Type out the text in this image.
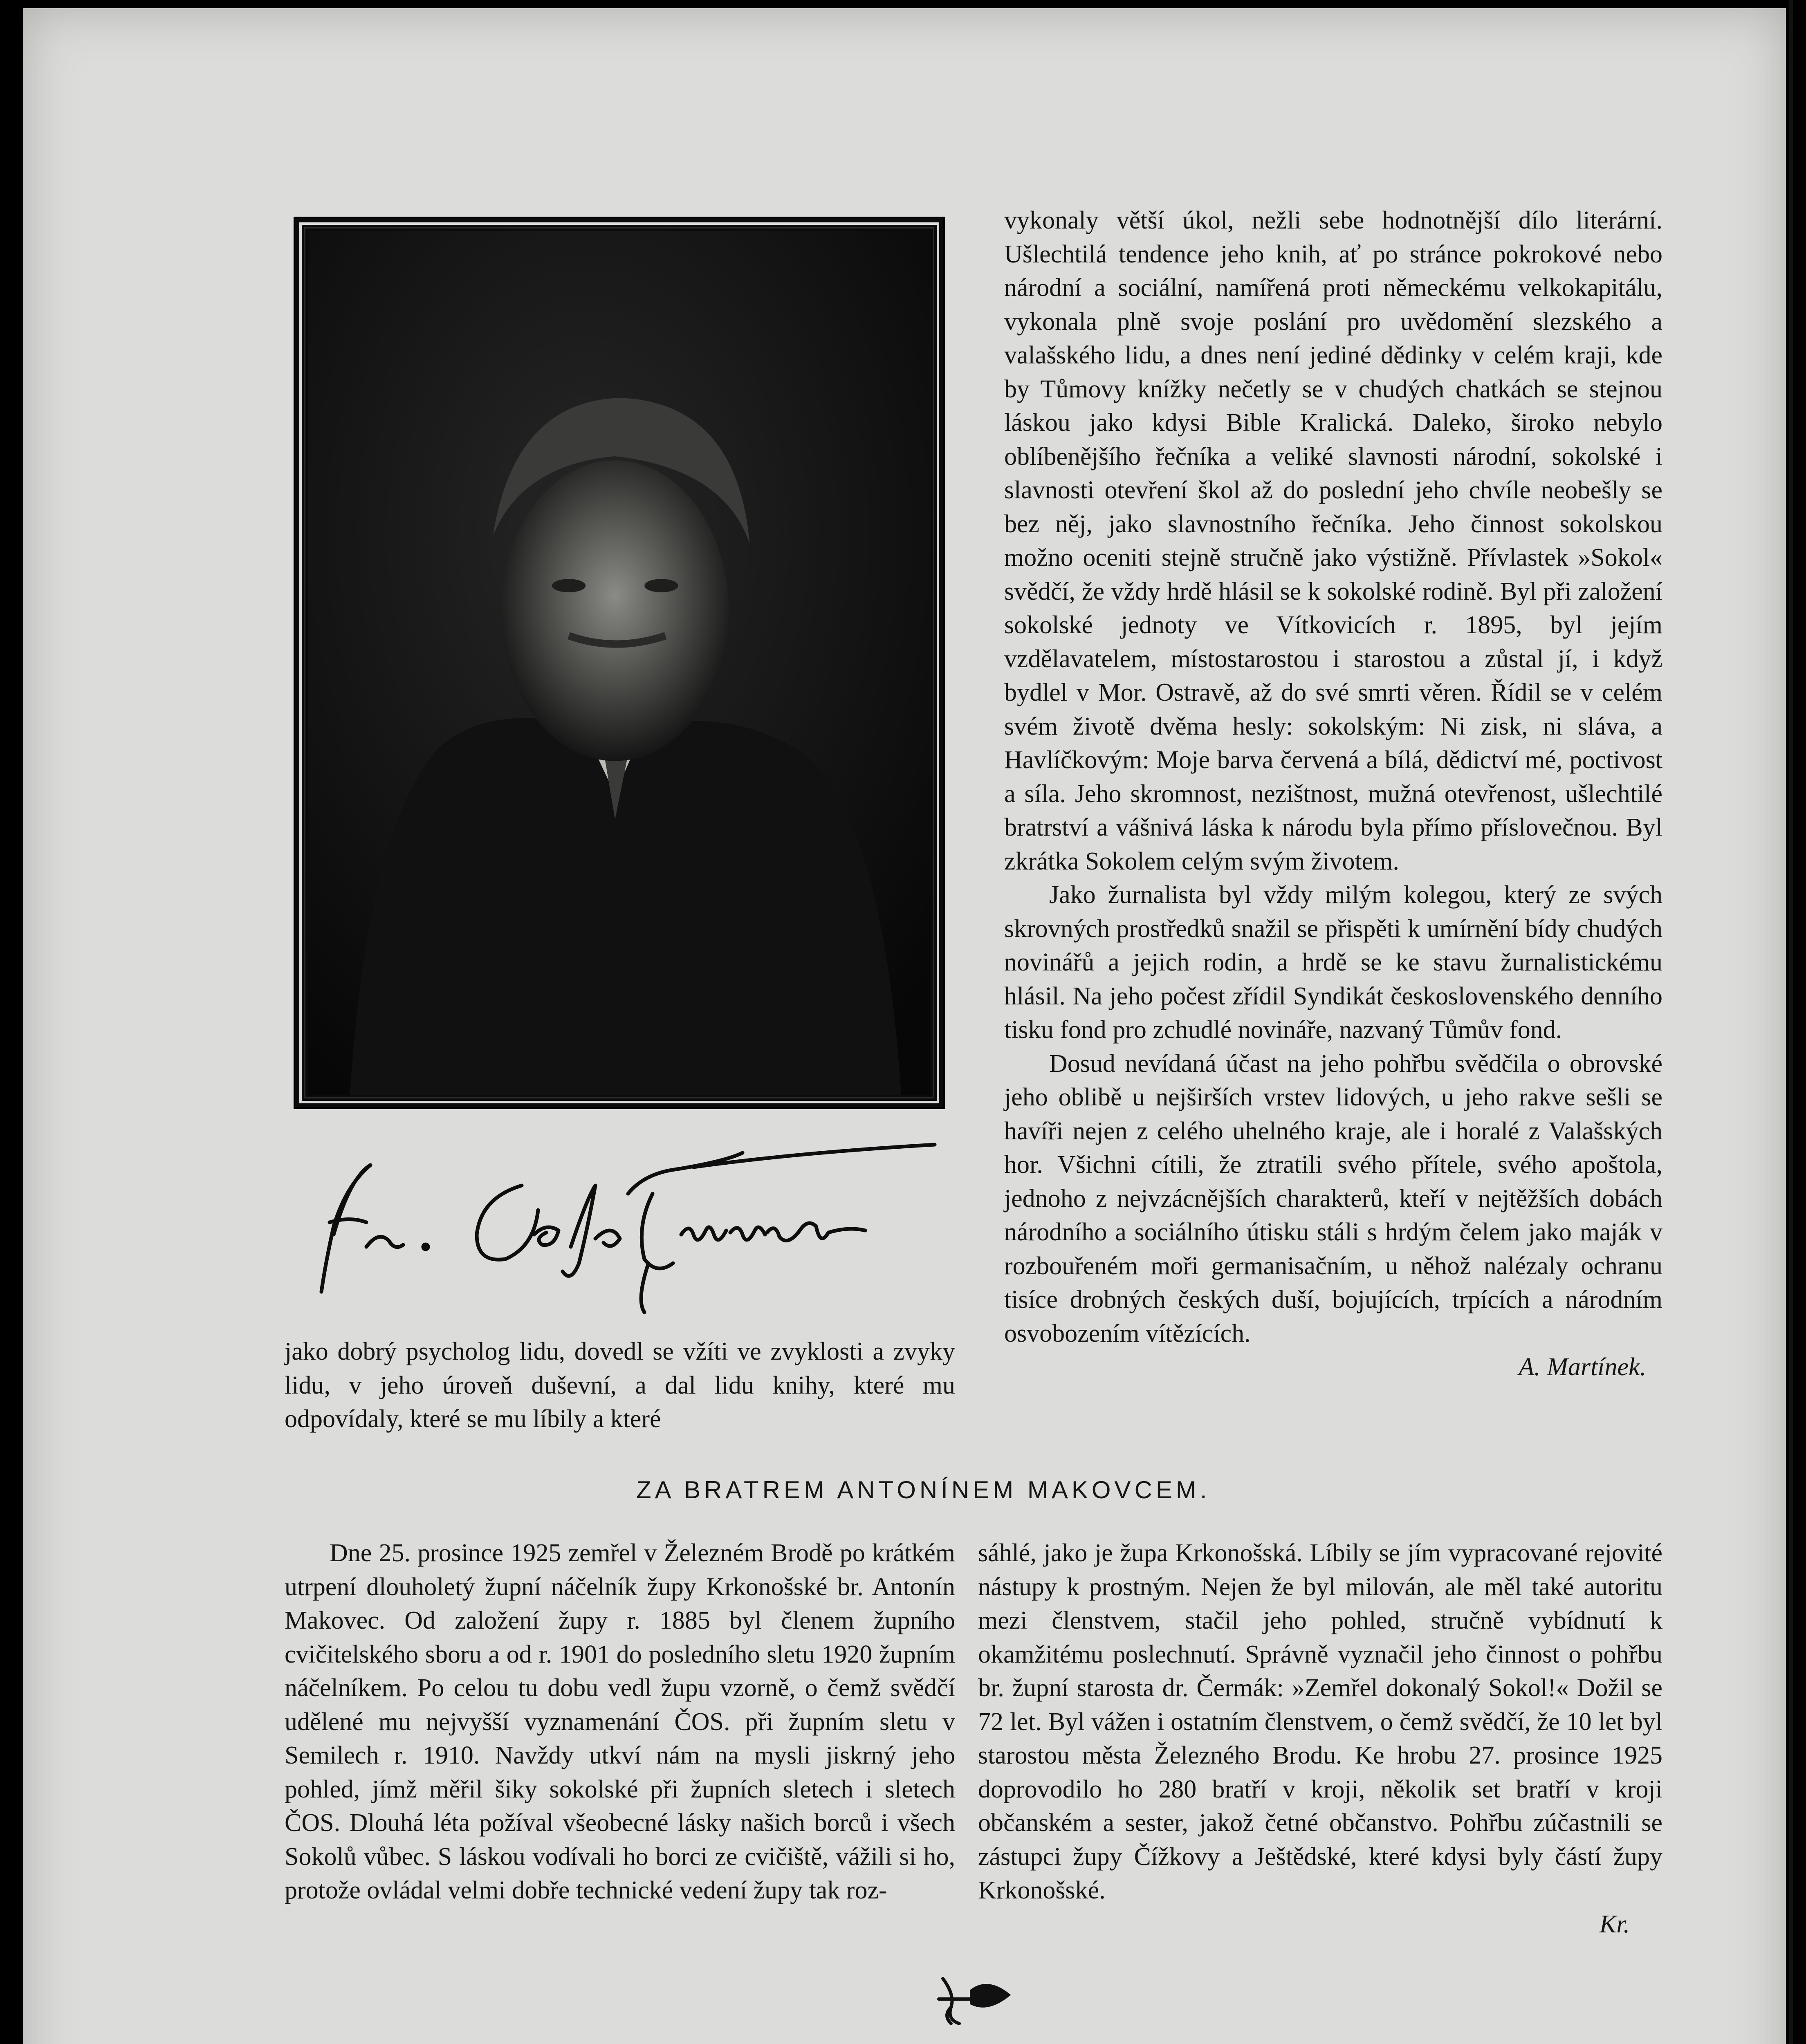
vykonaly větší úkol, nežli sebe hodnotnější dílo literární. Ušlechtilá tendence jeho knih, ať po stránce pokrokové nebo národní a sociální, namířená proti německému velkokapitálu, vykonala plně svoje poslání pro uvědomění slezského a valašského lidu, a dnes není jediné dědinky v celém kraji, kde by Tůmovy knížky nečetly se v chudých chatkách se stejnou láskou jako kdysi Bible Kralická. Daleko, široko nebylo oblíbenějšího řečníka a veliké slavnosti národní, sokolské i slavnosti otevření škol až do poslední jeho chvíle neobešly se bez něj, jako slavnostního řečníka. Jeho činnost sokolskou možno oceniti stejně stručně jako výstižně. Přívlastek »Sokol« svědčí, že vždy hrdě hlásil se k sokolské rodině. Byl při založení sokolské jednoty ve Vítkovicích r. 1895, byl jejím vzdělavatelem, místostarostou i starostou a zůstal jí, i když bydlel v Mor. Ostravě, až do své smrti věren. Řídil se v celém svém životě dvěma hesly: sokolským: Ni zisk, ni sláva, a Havlíčkovým: Moje barva červená a bílá, dědictví mé, poctivost a síla. Jeho skromnost, nezištnost, mužná otevřenost, ušlechtilé bratrství a vášnivá láska k národu byla přímo příslovečnou. Byl zkrátka Sokolem celým svým životem.

Jako žurnalista byl vždy milým kolegou, který ze svých skrovných prostředků snažil se přispěti k umírnění bídy chudých novinářů a jejich rodin, a hrdě se ke stavu žurnalistickému hlásil. Na jeho počest zřídil Syndikát československého denního tisku fond pro zchudlé novináře, nazvaný Tůmův fond.

Dosud nevídaná účast na jeho pohřbu svědčila o obrovské jeho oblibě u nejširších vrstev lidových, u jeho rakve sešli se havíři nejen z celého uhelného kraje, ale i horalé z Valašských hor. Všichni cítili, že ztratili svého přítele, svého apoštola, jednoho z nejvzácnějších charakterů, kteří v nejtěžších dobách národního a sociálního útisku stáli s hrdým čelem jako maják v rozbouřeném moři germanisačním, u něhož nalézaly ochranu tisíce drobných českých duší, bojujících, trpících a národním osvobozením vítězících.

A. Martínek.

jako dobrý psycholog lidu, dovedl se vžíti ve zvyklosti a zvyky lidu, v jeho úroveň duševní, a dal lidu knihy, které mu odpovídaly, které se mu líbily a které

ZA BRATREM ANTONÍNEM MAKOVCEM.

Dne 25. prosince 1925 zemřel v Železném Brodě po krátkém utrpení dlouholetý župní náčelník župy Krkonošské br. Antonín Makovec. Od založení župy r. 1885 byl členem župního cvičitelského sboru a od r. 1901 do posledního sletu 1920 župním náčelníkem. Po celou tu dobu vedl župu vzorně, o čemž svědčí udělené mu nejvyšší vyznamenání ČOS. při župním sletu v Semilech r. 1910. Navždy utkví nám na mysli jiskrný jeho pohled, jímž měřil šiky sokolské při župních sletech i sletech ČOS. Dlouhá léta požíval všeobecné lásky našich borců i všech Sokolů vůbec. S láskou vodívali ho borci ze cvičiště, vážili si ho, protože ovládal velmi dobře technické vedení župy tak roz-

sáhlé, jako je župa Krkonošská. Líbily se jím vypracované rejovité nástupy k prostným. Nejen že byl milován, ale měl také autoritu mezi členstvem, stačil jeho pohled, stručně vybídnutí k okamžitému poslechnutí. Správně vyznačil jeho činnost o pohřbu br. župní starosta dr. Čermák: »Zemřel dokonalý Sokol!« Dožil se 72 let. Byl vážen i ostatním členstvem, o čemž svědčí, že 10 let byl starostou města Železného Brodu. Ke hrobu 27. prosince 1925 doprovodilo ho 280 bratří v kroji, několik set bratří v kroji občanském a sester, jakož četné občanstvo. Pohřbu zúčastnili se zástupci župy Čížkovy a Ještědské, které kdysi byly částí župy Krkonošské.

Kr.
